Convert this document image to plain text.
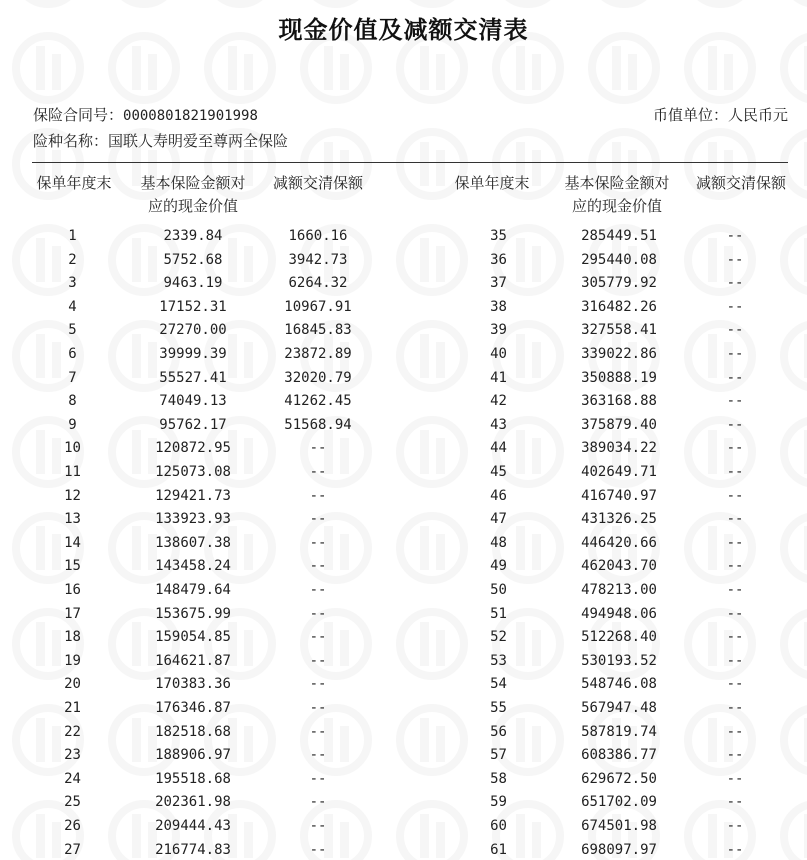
现金价值及减额交清表
保险合同号：0000801821901998	币值单位：人民币元
险种名称：国联人寿明爱至尊两全保险
保单年度末	基本保险金额对
应的现金价值
减额交清保额	保单年度末	基本保险金额对
应的现金价值
减额交清保额
1	2339.84	1660.16
2	5752.68	3942.73
3	9463.19	6264.32
4	17152.31	10967.91
5	27270.00	16845.83
6	39999.39	23872.89
7	55527.41	32020.79
8	74049.13	41262.45
9	95762.17	51568.94
10	120872.95	--
11	125073.08	--
12	129421.73	--
13	133923.93	--
14	138607.38	--
15	143458.24	--
16	148479.64	--
17	153675.99	--
18	159054.85	--
19	164621.87	--
20	170383.36	--
21	176346.87	--
22	182518.68	--
23	188906.97	--
24	195518.68	--
25	202361.98	--
26	209444.43	--
27	216774.83	--
35	285449.51	--
36	295440.08	--
37	305779.92	--
38	316482.26	--
39	327558.41	--
40	339022.86	--
41	350888.19	--
42	363168.88	--
43	375879.40	--
44	389034.22	--
45	402649.71	--
46	416740.97	--
47	431326.25	--
48	446420.66	--
49	462043.70	--
50	478213.00	--
51	494948.06	--
52	512268.40	--
53	530193.52	--
54	548746.08	--
55	567947.48	--
56	587819.74	--
57	608386.77	--
58	629672.50	--
59	651702.09	--
60	674501.98	--
61	698097.97	--
